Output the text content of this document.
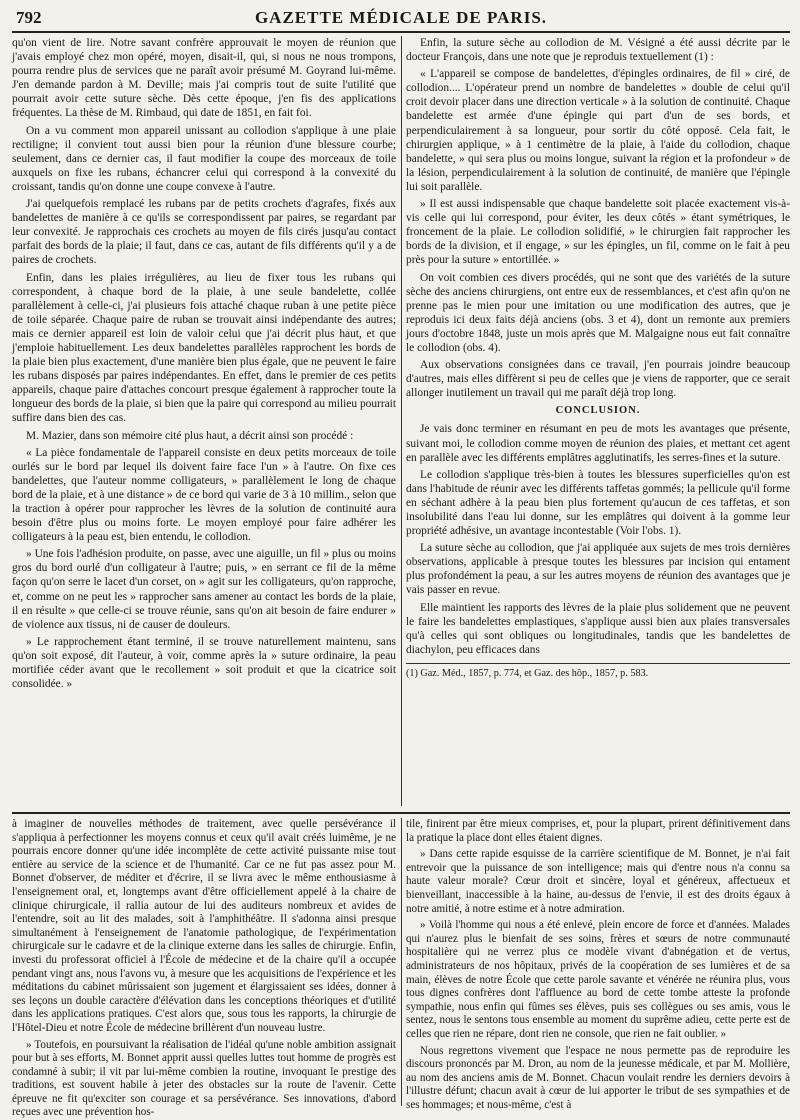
792	GAZETTE MÉDICALE DE PARIS.

qu'on vient de lire. Notre savant confrère approuvait le moyen de réunion que j'avais employé chez mon opéré, moyen, disait-il, qui, si nous ne nous trompons, pourra rendre plus de services que ne paraît avoir présumé M. Goyrand lui-même. J'en demande pardon à M. Deville; mais j'ai compris tout de suite l'utilité que pourrait avoir cette suture sèche. Dès cette époque, j'en fis des applications fréquentes. La thèse de M. Rimbaud, qui date de 1851, en fait foi.

On a vu comment mon appareil unissant au collodion s'applique à une plaie rectiligne; il convient tout aussi bien pour la réunion d'une blessure courbe; seulement, dans ce dernier cas, il faut modifier la coupe des morceaux de toile auxquels on fixe les rubans, échancrer celui qui correspond à la convexité du croissant, tandis qu'on donne une coupe convexe à l'autre.

J'ai quelquefois remplacé les rubans par de petits crochets d'agrafes, fixés aux bandelettes de manière à ce qu'ils se correspondissent par paires, se regardant par leur convexité. Je rapprochais ces crochets au moyen de fils cirés jusqu'au contact parfait des bords de la plaie; il faut, dans ce cas, autant de fils différents qu'il y a de paires de crochets.

Enfin, dans les plaies irrégulières, au lieu de fixer tous les rubans qui correspondent, à chaque bord de la plaie, à une seule bandelette, collée parallèlement à celle-ci, j'ai plusieurs fois attaché chaque ruban à une petite pièce de toile séparée. Chaque paire de ruban se trouvait ainsi indépendante des autres; mais ce dernier appareil est loin de valoir celui que j'ai décrit plus haut, et que j'emploie habituellement. Les deux bandelettes parallèles rapprochent les bords de la plaie bien plus exactement, d'une manière bien plus égale, que ne peuvent le faire les rubans disposés par paires indépendantes. En effet, dans le premier de ces petits appareils, chaque paire d'attaches concourt presque également à rapprocher toute la longueur des bords de la plaie, si bien que la paire qui correspond au milieu pourrait suffire dans bien des cas.

M. Mazier, dans son mémoire cité plus haut, a décrit ainsi son procédé :

« La pièce fondamentale de l'appareil consiste en deux petits morceaux de toile ourlés sur le bord par lequel ils doivent faire face l'un » à l'autre. On fixe ces bandelettes, que l'auteur nomme colligateurs, » parallèlement le long de chaque bord de la plaie, et à une distance » de ce bord qui varie de 3 à 10 millim., selon que la traction à opérer pour rapprocher les lèvres de la solution de continuité aura besoin d'être plus ou moins forte. Le moyen employé pour faire adhérer les colligateurs à la peau est, bien entendu, le collodion.

» Une fois l'adhésion produite, on passe, avec une aiguille, un fil » plus ou moins gros du bord ourlé d'un colligateur à l'autre; puis, » en serrant ce fil de la même façon qu'on serre le lacet d'un corset, on » agit sur les colligateurs, qu'on rapproche, et, comme on ne peut les » rapprocher sans amener au contact les bords de la plaie, il en résulte » que celle-ci se trouve réunie, sans qu'on ait besoin de faire endurer » de violence aux tissus, ni de causer de douleurs.

» Le rapprochement étant terminé, il se trouve naturellement maintenu, sans qu'on soit exposé, dit l'auteur, à voir, comme après la » suture ordinaire, la peau mortifiée céder avant que le recollement » soit produit et que la cicatrice soit consolidée. »

Enfin, la suture sèche au collodion de M. Vésigné a été aussi décrite par le docteur François, dans une note que je reproduis textuellement (1) :

« L'appareil se compose de bandelettes, d'épingles ordinaires, de fil » ciré, de collodion.... L'opérateur prend un nombre de bandelettes » double de celui qu'il croit devoir placer dans une direction verticale » à la solution de continuité. Chaque bandelette est armée d'une épingle qui part d'un de ses bords, et perpendiculairement à sa longueur, pour sortir du côté opposé. Cela fait, le chirurgien applique, » à 1 centimètre de la plaie, à l'aide du collodion, chaque bandelette, » qui sera plus ou moins longue, suivant la région et la profondeur » de la lésion, perpendiculairement à la solution de continuité, de manière que l'épingle lui soit parallèle.

» Il est aussi indispensable que chaque bandelette soit placée exactement vis-à-vis celle qui lui correspond, pour éviter, les deux côtés » étant symétriques, le froncement de la plaie. Le collodion solidifié, » le chirurgien fait rapprocher les bords de la division, et il engage, » sur les épingles, un fil, comme on le fait à peu près pour la suture » entortillée. »

On voit combien ces divers procédés, qui ne sont que des variétés de la suture sèche des anciens chirurgiens, ont entre eux de ressemblances, et c'est afin qu'on ne prenne pas le mien pour une imitation ou une modification des autres, que je reproduis ici deux faits déjà anciens (obs. 3 et 4), dont un remonte aux premiers jours d'octobre 1848, juste un mois après que M. Malgaigne nous eut fait connaître le collodion (obs. 4).

Aux observations consignées dans ce travail, j'en pourrais joindre beaucoup d'autres, mais elles diffèrent si peu de celles que je viens de rapporter, que ce serait allonger inutilement un travail qui me paraît déjà trop long.

CONCLUSION.

Je vais donc terminer en résumant en peu de mots les avantages que présente, suivant moi, le collodion comme moyen de réunion des plaies, et mettant cet agent en parallèle avec les différents emplâtres agglutinatifs, les serres-fines et la suture.

Le collodion s'applique très-bien à toutes les blessures superficielles qu'on est dans l'habitude de réunir avec les différents taffetas gommés; la pellicule qu'il forme en séchant adhère à la peau bien plus fortement qu'aucun de ces taffetas, et son insolubilité dans l'eau lui donne, sur les emplâtres qui doivent à la gomme leur propriété adhésive, un avantage incontestable (Voir l'obs. 1).

La suture sèche au collodion, que j'ai appliquée aux sujets de mes trois dernières observations, applicable à presque toutes les blessures par incision qui entament plus profondément la peau, a sur les autres moyens de réunion des avantages que je vais passer en revue.

Elle maintient les rapports des lèvres de la plaie plus solidement que ne peuvent le faire les bandelettes emplastiques, s'applique aussi bien aux plaies transversales qu'à celles qui sont obliques ou longitudinales, tandis que les bandelettes de diachylon, peu efficaces dans

(1) Gaz. Méd., 1857, p. 774, et Gaz. des hôp., 1857, p. 583.

à imaginer de nouvelles méthodes de traitement, avec quelle persévérance il s'appliqua à perfectionner les moyens connus et ceux qu'il avait créés luimême, je ne pourrais encore donner qu'une idée incomplète de cette activité puissante mise tout entière au service de la science et de l'humanité. Car ce ne fut pas assez pour M. Bonnet d'observer, de méditer et d'écrire, il se livra avec le même enthousiasme à l'enseignement oral, et, longtemps avant d'être officiellement appelé à la chaire de clinique chirurgicale, il rallia autour de lui des auditeurs nombreux et avides de l'entendre, soit au lit des malades, soit à l'amphithéâtre. Il s'adonna ainsi presque simultanément à l'enseignement de l'anatomie pathologique, de l'expérimentation chirurgicale sur le cadavre et de la clinique externe dans les salles de chirurgie. Enfin, investi du professorat officiel à l'École de médecine et de la chaire qu'il a occupée pendant vingt ans, nous l'avons vu, à mesure que les acquisitions de l'expérience et les méditations du cabinet mûrissaient son jugement et élargissaient ses idées, donner à ses leçons un double caractère d'élévation dans les conceptions théoriques et d'utilité dans les applications pratiques. C'est alors que, sous tous les rapports, la chirurgie de l'Hôtel-Dieu et notre École de médecine brillèrent d'un nouveau lustre.

» Toutefois, en poursuivant la réalisation de l'idéal qu'une noble ambition assignait pour but à ses efforts, M. Bonnet apprit aussi quelles luttes tout homme de progrès est condamné à subir; il vit par lui-même combien la routine, invoquant le prestige des traditions, est souvent habile à jeter des obstacles sur la route de l'avenir. Cette épreuve ne fit qu'exciter son courage et sa persévérance. Ses innovations, d'abord reçues avec une prévention hos-

tile, finirent par être mieux comprises, et, pour la plupart, prirent définitivement dans la pratique la place dont elles étaient dignes.

» Dans cette rapide esquisse de la carrière scientifique de M. Bonnet, je n'ai fait entrevoir que la puissance de son intelligence; mais qui d'entre nous n'a connu sa haute valeur morale? Cœur droit et sincère, loyal et généreux, affectueux et bienveillant, inaccessible à la haine, au-dessus de l'envie, il est des droits égaux à notre amitié, à notre estime et à notre admiration.

» Voilà l'homme qui nous a été enlevé, plein encore de force et d'années. Malades qui n'aurez plus le bienfait de ses soins, frères et sœurs de notre communauté hospitalière qui ne verrez plus ce modèle vivant d'abnégation et de vertus, administrateurs de nos hôpitaux, privés de la coopération de ses lumières et de sa main, élèves de notre École que cette parole savante et vénérée ne réunira plus, vous tous dignes confrères dont l'affluence au bord de cette tombe atteste la profonde sympathie, nous enfin qui fûmes ses élèves, puis ses collègues ou ses amis, vous le sentez, nous le sentons tous ensemble au moment du suprême adieu, cette perte est de celles que rien ne répare, dont rien ne console, que rien ne fait oublier. »

Nous regrettons vivement que l'espace ne nous permette pas de reproduire les discours prononcés par M. Dron, au nom de la jeunesse médicale, et par M. Mollière, au nom des anciens amis de M. Bonnet. Chacun voulait rendre les derniers devoirs à l'illustre défunt; chacun avait à cœur de lui apporter le tribut de ses sympathies et de ses hommages; et nous-même, c'est à
